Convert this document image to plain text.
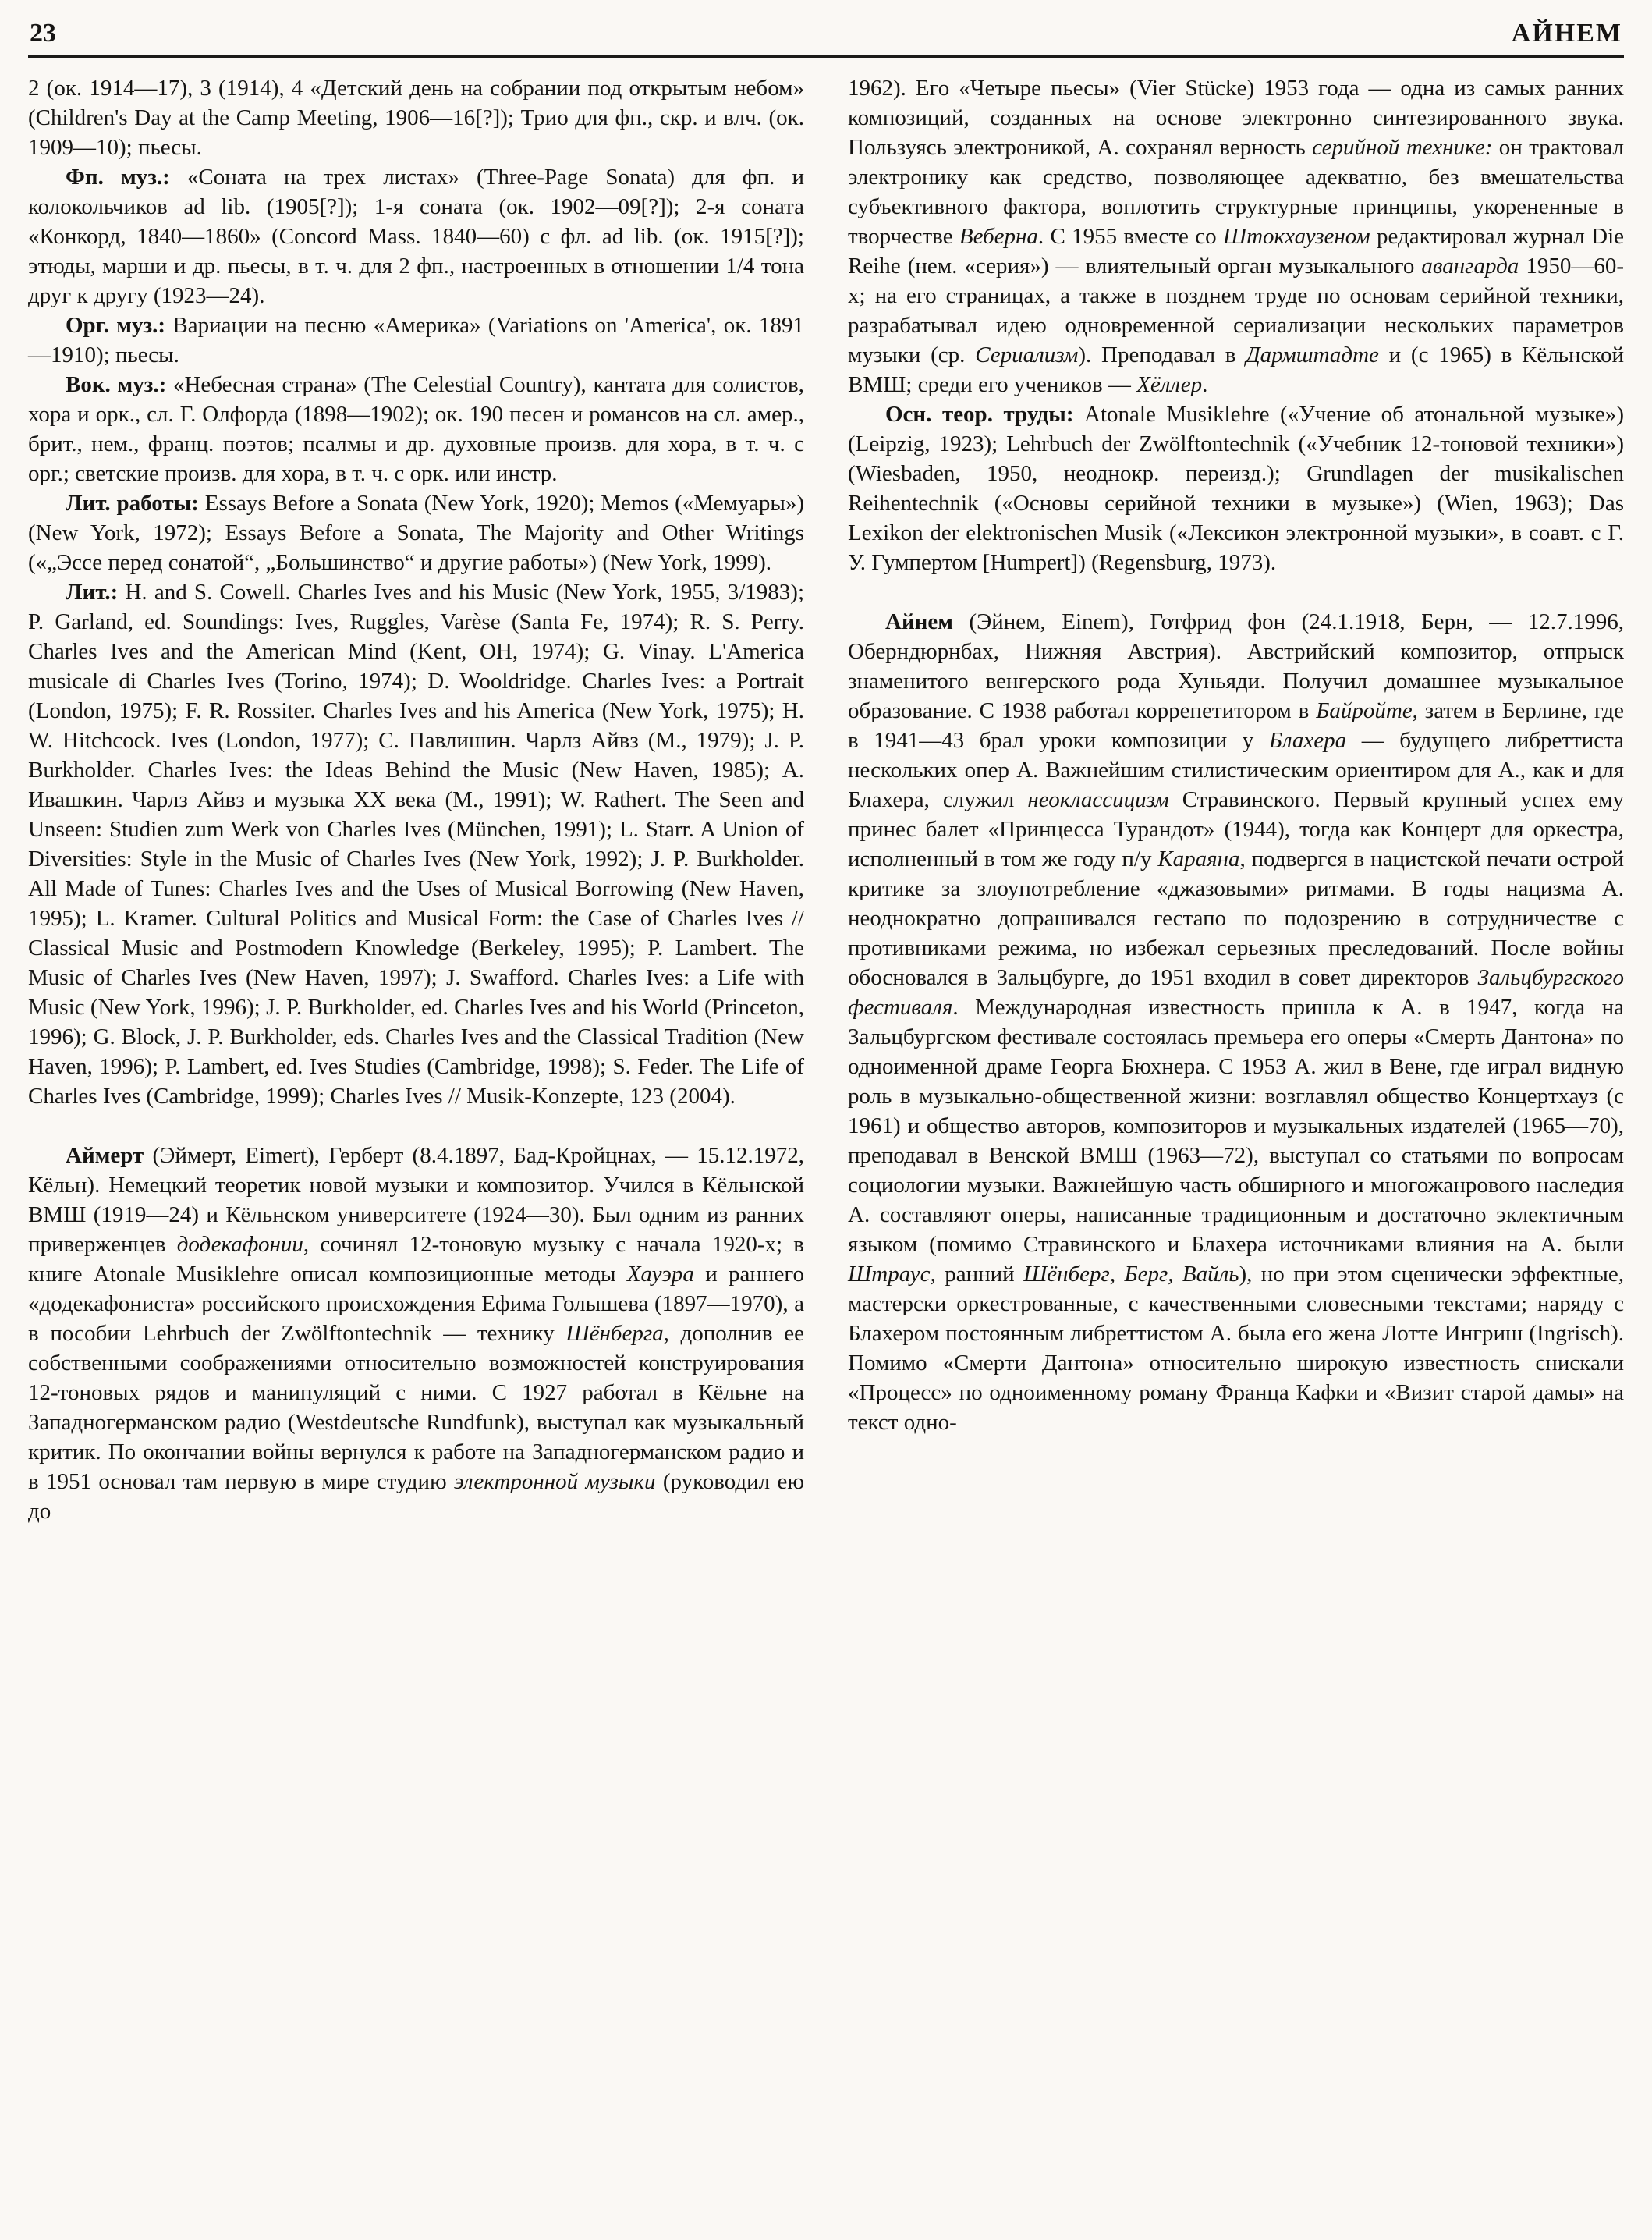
23	АЙНЕМ

2 (ок. 1914—17), 3 (1914), 4 «Детский день на собрании под открытым небом» (Children's Day at the Camp Meeting, 1906—16[?]); Трио для фп., скр. и влч. (ок. 1909—10); пьесы.

Фп. муз.: «Соната на трех листах» (Three-Page Sonata) для фп. и колокольчиков ad lib. (1905[?]); 1-я соната (ок. 1902—09[?]); 2-я соната «Конкорд, 1840—1860» (Concord Mass. 1840—60) с фл. ad lib. (ок. 1915[?]); этюды, марши и др. пьесы, в т. ч. для 2 фп., настроенных в отношении 1/4 тона друг к другу (1923—24).

Орг. муз.: Вариации на песню «Америка» (Variations on 'America', ок. 1891—1910); пьесы.

Вок. муз.: «Небесная страна» (The Celestial Country), кантата для солистов, хора и орк., сл. Г. Олфорда (1898—1902); ок. 190 песен и романсов на сл. амер., брит., нем., франц. поэтов; псалмы и др. духовные произв. для хора, в т. ч. с орг.; светские произв. для хора, в т. ч. с орк. или инстр.

Лит. работы: Essays Before a Sonata (New York, 1920); Memos («Мемуары») (New York, 1972); Essays Before a Sonata, The Majority and Other Writings («„Эссе перед сонатой“, „Большинство“ и другие работы») (New York, 1999).

Лит.: H. and S. Cowell. Charles Ives and his Music (New York, 1955, 3/1983); P. Garland, ed. Soundings: Ives, Ruggles, Varèse (Santa Fe, 1974); R. S. Perry. Charles Ives and the American Mind (Kent, OH, 1974); G. Vinay. L'America musicale di Charles Ives (Torino, 1974); D. Wooldridge. Charles Ives: a Portrait (London, 1975); F. R. Rossiter. Charles Ives and his America (New York, 1975); H. W. Hitchcock. Ives (London, 1977); С. Павлишин. Чарлз Айвз (М., 1979); J. P. Burkholder. Charles Ives: the Ideas Behind the Music (New Haven, 1985); А. Ивашкин. Чарлз Айвз и музыка XX века (М., 1991); W. Rathert. The Seen and Unseen: Studien zum Werk von Charles Ives (München, 1991); L. Starr. A Union of Diversities: Style in the Music of Charles Ives (New York, 1992); J. P. Burkholder. All Made of Tunes: Charles Ives and the Uses of Musical Borrowing (New Haven, 1995); L. Kramer. Cultural Politics and Musical Form: the Case of Charles Ives // Classical Music and Postmodern Knowledge (Berkeley, 1995); P. Lambert. The Music of Charles Ives (New Haven, 1997); J. Swafford. Charles Ives: a Life with Music (New York, 1996); J. P. Burkholder, ed. Charles Ives and his World (Princeton, 1996); G. Block, J. P. Burkholder, eds. Charles Ives and the Classical Tradition (New Haven, 1996); P. Lambert, ed. Ives Studies (Cambridge, 1998); S. Feder. The Life of Charles Ives (Cambridge, 1999); Charles Ives // Musik-Konzepte, 123 (2004).

Аймерт (Эймерт, Eimert), Герберт (8.4.1897, Бад-Кройцнах, — 15.12.1972, Кёльн). Немецкий теоретик новой музыки и композитор. Учился в Кёльнской ВМШ (1919—24) и Кёльнском университете (1924—30). Был одним из ранних приверженцев додекафонии, сочинял 12-тоновую музыку с начала 1920-х; в книге Atonale Musiklehre описал композиционные методы Хауэра и раннего «додекафониста» российского происхождения Ефима Голышева (1897—1970), а в пособии Lehrbuch der Zwölftontechnik — технику Шёнберга, дополнив ее собственными соображениями относительно возможностей конструирования 12-тоновых рядов и манипуляций с ними. С 1927 работал в Кёльне на Западногерманском радио (Westdeutsche Rundfunk), выступал как музыкальный критик. По окончании войны вернулся к работе на Западногерманском радио и в 1951 основал там первую в мире студию электронной музыки (руководил ею до

1962). Его «Четыре пьесы» (Vier Stücke) 1953 года — одна из самых ранних композиций, созданных на основе электронно синтезированного звука. Пользуясь электроникой, А. сохранял верность серийной технике: он трактовал электронику как средство, позволяющее адекватно, без вмешательства субъективного фактора, воплотить структурные принципы, укорененные в творчестве Веберна. С 1955 вместе со Штокхаузеном редактировал журнал Die Reihe (нем. «серия») — влиятельный орган музыкального авангарда 1950—60-х; на его страницах, а также в позднем труде по основам серийной техники, разрабатывал идею одновременной сериализации нескольких параметров музыки (ср. Сериализм). Преподавал в Дармштадте и (с 1965) в Кёльнской ВМШ; среди его учеников — Хёллер.

Осн. теор. труды: Atonale Musiklehre («Учение об атональной музыке») (Leipzig, 1923); Lehrbuch der Zwölftontechnik («Учебник 12-тоновой техники») (Wiesbaden, 1950, неоднокр. переизд.); Grundlagen der musikalischen Reihentechnik («Основы серийной техники в музыке») (Wien, 1963); Das Lexikon der elektronischen Musik («Лексикон электронной музыки», в соавт. с Г. У. Гумпертом [Humpert]) (Regensburg, 1973).

Айнем (Эйнем, Einem), Готфрид фон (24.1.1918, Берн, — 12.7.1996, Оберндюрнбах, Нижняя Австрия). Австрийский композитор, отпрыск знаменитого венгерского рода Хуньяди. Получил домашнее музыкальное образование. С 1938 работал коррепетитором в Байройте, затем в Берлине, где в 1941—43 брал уроки композиции у Блахера — будущего либреттиста нескольких опер А. Важнейшим стилистическим ориентиром для А., как и для Блахера, служил неоклассицизм Стравинского. Первый крупный успех ему принес балет «Принцесса Турандот» (1944), тогда как Концерт для оркестра, исполненный в том же году п/у Караяна, подвергся в нацистской печати острой критике за злоупотребление «джазовыми» ритмами. В годы нацизма А. неоднократно допрашивался гестапо по подозрению в сотрудничестве с противниками режима, но избежал серьезных преследований. После войны обосновался в Зальцбурге, до 1951 входил в совет директоров Зальцбургского фестиваля. Международная известность пришла к А. в 1947, когда на Зальцбургском фестивале состоялась премьера его оперы «Смерть Дантона» по одноименной драме Георга Бюхнера. С 1953 А. жил в Вене, где играл видную роль в музыкально-общественной жизни: возглавлял общество Концертхауз (с 1961) и общество авторов, композиторов и музыкальных издателей (1965—70), преподавал в Венской ВМШ (1963—72), выступал со статьями по вопросам социологии музыки. Важнейшую часть обширного и многожанрового наследия А. составляют оперы, написанные традиционным и достаточно эклектичным языком (помимо Стравинского и Блахера источниками влияния на А. были Штраус, ранний Шёнберг, Берг, Вайль), но при этом сценически эффектные, мастерски оркестрованные, с качественными словесными текстами; наряду с Блахером постоянным либреттистом А. была его жена Лотте Ингриш (Ingrisch). Помимо «Смерти Дантона» относительно широкую известность снискали «Процесс» по одноименному роману Франца Кафки и «Визит старой дамы» на текст одно-
